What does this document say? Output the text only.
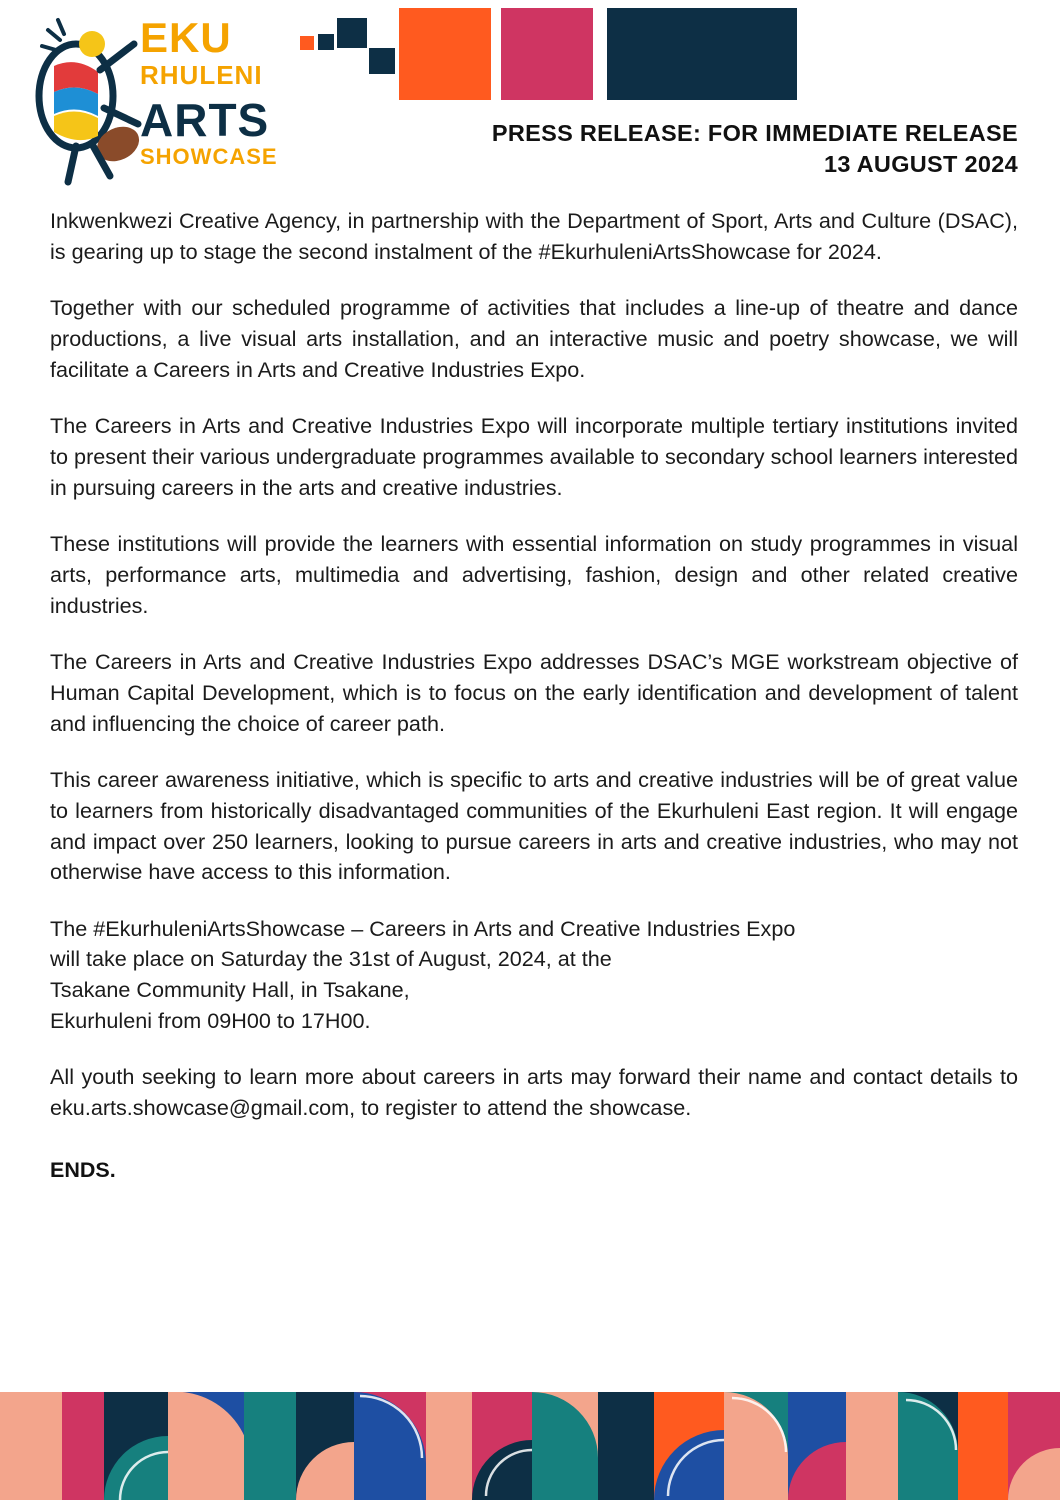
EKU
RHULENI
ARTS
SHOWCASE
PRESS RELEASE: FOR IMMEDIATE RELEASE
13 AUGUST 2024

Inkwenkwezi Creative Agency, in partnership with the Department of Sport, Arts and Culture (DSAC), is gearing up to stage the second instalment of the #EkurhuleniArtsShowcase for 2024.

Together with our scheduled programme of activities that includes a line-up of theatre and dance productions, a live visual arts installation, and an interactive music and poetry showcase, we will facilitate a Careers in Arts and Creative Industries Expo.

The Careers in Arts and Creative Industries Expo will incorporate multiple tertiary institutions invited to present their various undergraduate programmes available to secondary school learners interested in pursuing careers in the arts and creative industries.

These institutions will provide the learners with essential information on study programmes in visual arts, performance arts, multimedia and advertising, fashion, design and other related creative industries.

The Careers in Arts and Creative Industries Expo addresses DSAC’s MGE workstream objective of Human Capital Development, which is to focus on the early identification and development of talent and influencing the choice of career path.

This career awareness initiative, which is specific to arts and creative industries will be of great value to learners from historically disadvantaged communities of the Ekurhuleni East region. It will engage and impact over 250 learners, looking to pursue careers in arts and creative industries, who may not otherwise have access to this information.

The #EkurhuleniArtsShowcase – Careers in Arts and Creative Industries Expo
will take place on Saturday the 31st of August, 2024, at the
Tsakane Community Hall, in Tsakane,
Ekurhuleni from 09H00 to 17H00.

All youth seeking to learn more about careers in arts may forward their name and contact details to eku.arts.showcase@gmail.com, to register to attend the showcase.

ENDS.
